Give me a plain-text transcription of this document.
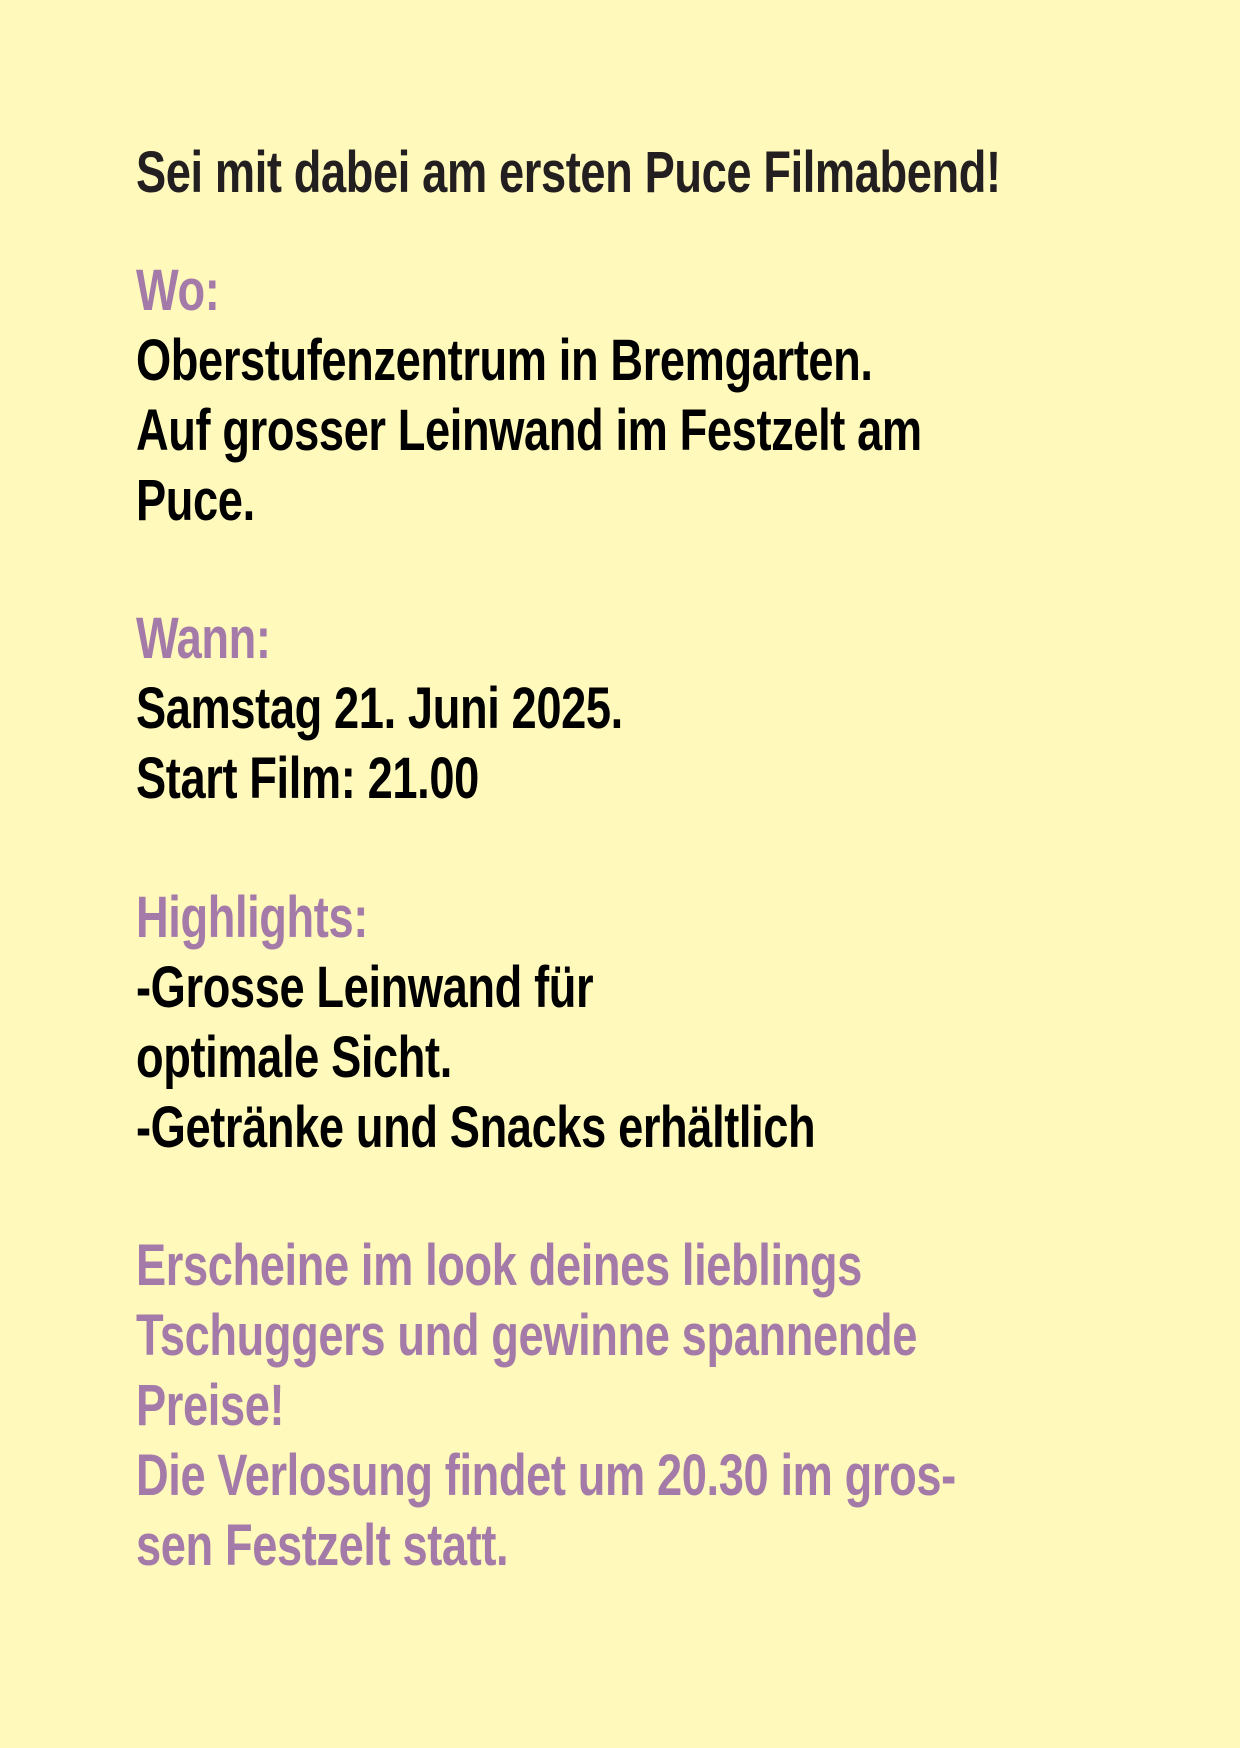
Sei mit dabei am ersten Puce Filmabend!

Wo:

Oberstufenzentrum in Bremgarten.

Auf grosser Leinwand im Festzelt am

Puce.

Wann:

Samstag 21. Juni 2025.

Start Film: 21.00

Highlights:

-Grosse Leinwand für

optimale Sicht.

-Getränke und Snacks erhältlich

Erscheine im look deines lieblings

Tschuggers und gewinne spannende

Preise!

Die Verlosung findet um 20.30 im gros-

sen Festzelt statt.
